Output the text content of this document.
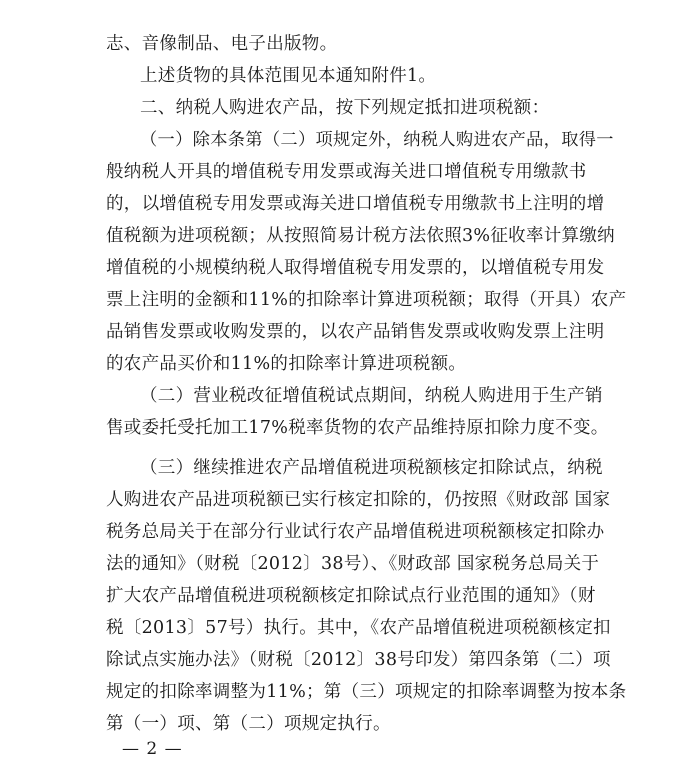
志、音像制品、电子出版物。
上述货物的具体范围见本通知附件1。
二、纳税人购进农产品，按下列规定抵扣进项税额：
（一）除本条第（二）项规定外，纳税人购进农产品，取得一
般纳税人开具的增值税专用发票或海关进口增值税专用缴款书
的，以增值税专用发票或海关进口增值税专用缴款书上注明的增
值税额为进项税额；从按照简易计税方法依照3%征收率计算缴纳
增值税的小规模纳税人取得增值税专用发票的，以增值税专用发
票上注明的金额和11%的扣除率计算进项税额；取得（开具）农产
品销售发票或收购发票的，以农产品销售发票或收购发票上注明
的农产品买价和11%的扣除率计算进项税额。
（二）营业税改征增值税试点期间，纳税人购进用于生产销
售或委托受托加工17%税率货物的农产品维持原扣除力度不变。
（三）继续推进农产品增值税进项税额核定扣除试点，纳税
人购进农产品进项税额已实行核定扣除的，仍按照《财政部 国家
税务总局关于在部分行业试行农产品增值税进项税额核定扣除办
法的通知》（财税〔2012〕38号）、《财政部 国家税务总局关于
扩大农产品增值税进项税额核定扣除试点行业范围的通知》（财
税〔2013〕57号）执行。其中，《农产品增值税进项税额核定扣
除试点实施办法》（财税〔2012〕38号印发）第四条第（二）项
规定的扣除率调整为11%；第（三）项规定的扣除率调整为按本条
第（一）项、第（二）项规定执行。
— 2 —
